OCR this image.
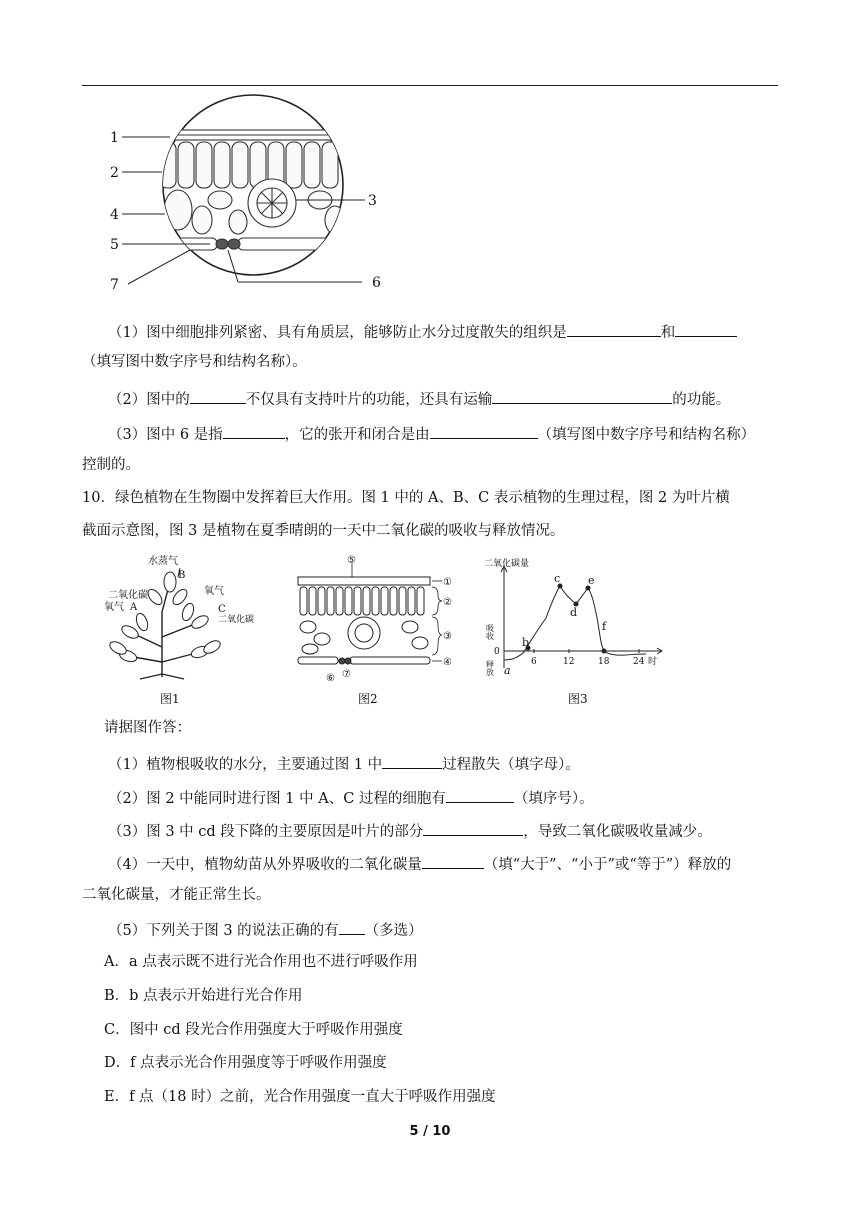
1
2
3
4
5
6
7
（1）图中细胞排列紧密、具有角质层，能够防止水分过度散失的组织是	和
（填写图中数字序号和结构名称）。
（2）图中的	不仅具有支持叶片的功能，还具有运输	的功能。
（3）图中 6 是指	，它的张开和闭合是由	（填写图中数字序号和结构名称）
控制的。
10．绿色植物在生物圈中发挥着巨大作用。图 1 中的 A、B、C 表示植物的生理过程，图 2 为叶片横
截面示意图，图 3 是植物在夏季晴朗的一天中二氧化碳的吸收与释放情况。
水蒸气
B
二氧化碳
氧气 A
氧气
C
二氧化碳
图1
⑤
①
②
③
④
⑥ ⑦
图2
二氧化碳量
吸收
0
释放	6	12	18	24 时
a
b
c
d
e
f
图3
请据图作答：
（1）植物根吸收的水分，主要通过图 1 中	过程散失（填字母）。
（2）图 2 中能同时进行图 1 中 A、C 过程的细胞有	（填序号）。
（3）图 3 中 cd 段下降的主要原因是叶片的部分	，导致二氧化碳吸收量减少。
（4）一天中，植物幼苗从外界吸收的二氧化碳量	（填“大于”、“小于”或“等于”）释放的
二氧化碳量，才能正常生长。
（5）下列关于图 3 的说法正确的有 （多选）
A．a 点表示既不进行光合作用也不进行呼吸作用
B．b 点表示开始进行光合作用
C．图中 cd 段光合作用强度大于呼吸作用强度
D．f 点表示光合作用强度等于呼吸作用强度
E．f 点（18 时）之前，光合作用强度一直大于呼吸作用强度
5 / 10
